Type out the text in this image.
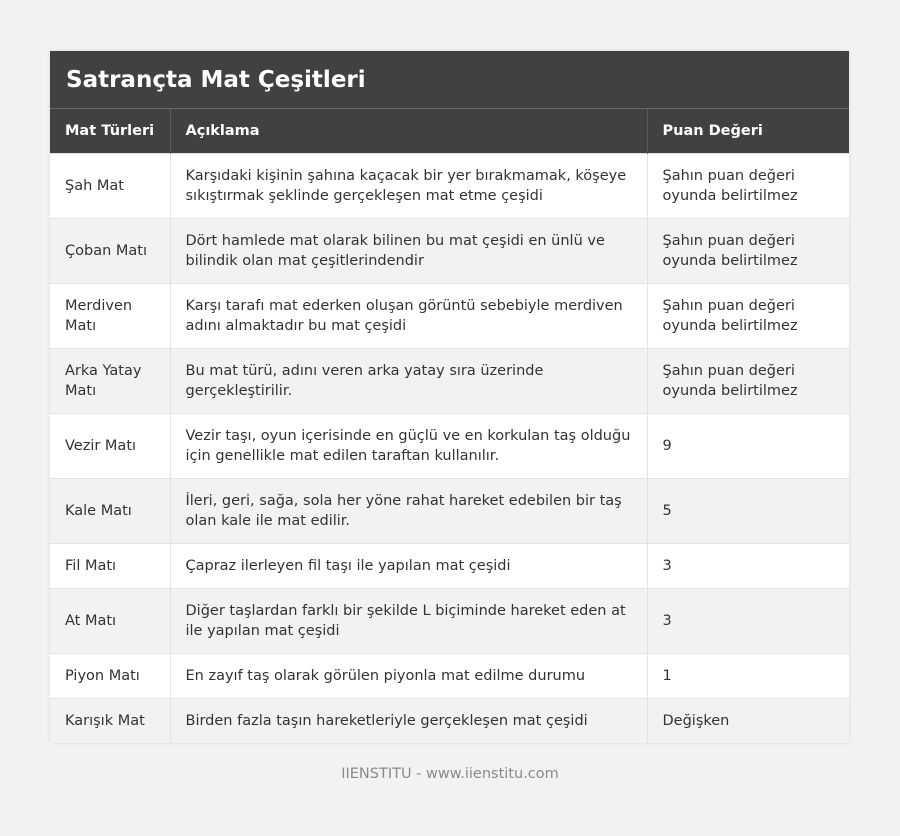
Satrançta Mat Çeşitleri
Mat Türleri	Açıklama	Puan Değeri
Şah Mat	Karşıdaki kişinin şahına kaçacak bir yer bırakmamak, köşeye sıkıştırmak şeklinde gerçekleşen mat etme çeşidi	Şahın puan değeri oyunda belirtilmez
Çoban Matı	Dört hamlede mat olarak bilinen bu mat çeşidi en ünlü ve bilindik olan mat çeşitlerindendir	Şahın puan değeri oyunda belirtilmez
Merdiven Matı	Karşı tarafı mat ederken oluşan görüntü sebebiyle merdiven adını almaktadır bu mat çeşidi	Şahın puan değeri oyunda belirtilmez
Arka Yatay Matı	Bu mat türü, adını veren arka yatay sıra üzerinde gerçekleştirilir.	Şahın puan değeri oyunda belirtilmez
Vezir Matı	Vezir taşı, oyun içerisinde en güçlü ve en korkulan taş olduğu için genellikle mat edilen taraftan kullanılır.	9
Kale Matı	İleri, geri, sağa, sola her yöne rahat hareket edebilen bir taş olan kale ile mat edilir.	5
Fil Matı	Çapraz ilerleyen fil taşı ile yapılan mat çeşidi	3
At Matı	Diğer taşlardan farklı bir şekilde L biçiminde hareket eden at ile yapılan mat çeşidi	3
Piyon Matı	En zayıf taş olarak görülen piyonla mat edilme durumu	1
Karışık Mat	Birden fazla taşın hareketleriyle gerçekleşen mat çeşidi	Değişken
IIENSTITU - www.iienstitu.com
